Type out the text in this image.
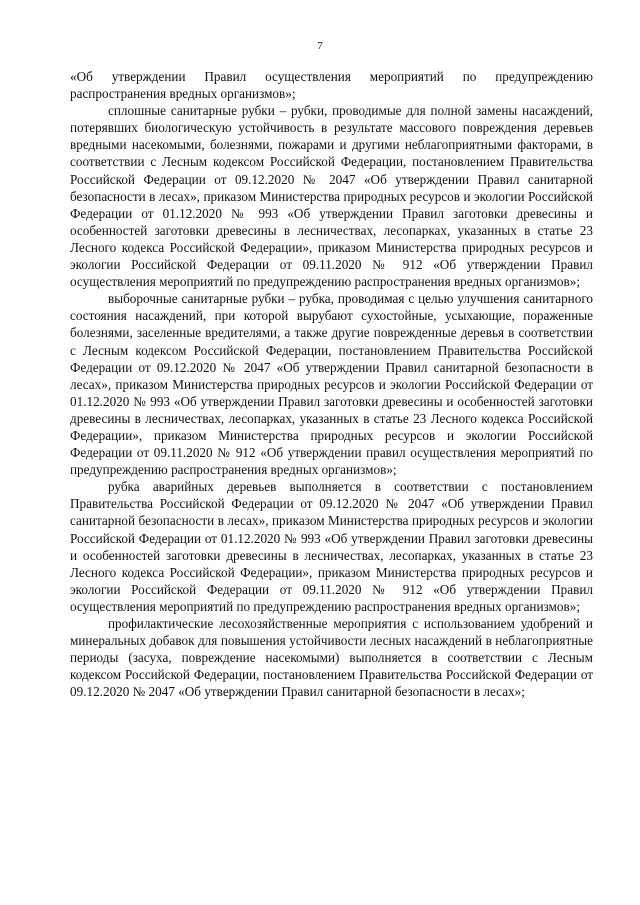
7

«Об утверждении Правил осуществления мероприятий по предупреждению распространения вредных организмов»;

сплошные санитарные рубки – рубки, проводимые для полной замены насаждений, потерявших биологическую устойчивость в результате массового повреждения деревьев вредными насекомыми, болезнями, пожарами и другими неблагоприятными факторами, в соответствии с Лесным кодексом Российской Федерации, постановлением Правительства Российской Федерации от 09.12.2020 № 2047 «Об утверждении Правил санитарной безопасности в лесах», приказом Министерства природных ресурсов и экологии Российской Федерации от 01.12.2020 № 993 «Об утверждении Правил заготовки древесины и особенностей заготовки древесины в лесничествах, лесопарках, указанных в статье 23 Лесного кодекса Российской Федерации», приказом Министерства природных ресурсов и экологии Российской Федерации от 09.11.2020 № 912 «Об утверждении Правил осуществления мероприятий по предупреждению распространения вредных организмов»;

выборочные санитарные рубки – рубка, проводимая с целью улучшения санитарного состояния насаждений, при которой вырубают сухостойные, усыхающие, пораженные болезнями, заселенные вредителями, а также другие поврежденные деревья в соответствии с Лесным кодексом Российской Федерации, постановлением Правительства Российской Федерации от 09.12.2020 № 2047 «Об утверждении Правил санитарной безопасности в лесах», приказом Министерства природных ресурсов и экологии Российской Федерации от 01.12.2020 № 993 «Об утверждении Правил заготовки древесины и особенностей заготовки древесины в лесничествах, лесопарках, указанных в статье 23 Лесного кодекса Российской Федерации», приказом Министерства природных ресурсов и экологии Российской Федерации от 09.11.2020 № 912 «Об утверждении правил осуществления мероприятий по предупреждению распространения вредных организмов»;

рубка аварийных деревьев выполняется в соответствии с постановлением Правительства Российской Федерации от 09.12.2020 № 2047 «Об утверждении Правил санитарной безопасности в лесах», приказом Министерства природных ресурсов и экологии Российской Федерации от 01.12.2020 № 993 «Об утверждении Правил заготовки древесины и особенностей заготовки древесины в лесничествах, лесопарках, указанных в статье 23 Лесного кодекса Российской Федерации», приказом Министерства природных ресурсов и экологии Российской Федерации от 09.11.2020 № 912 «Об утверждении Правил осуществления мероприятий по предупреждению распространения вредных организмов»;

профилактические лесохозяйственные мероприятия с использованием удобрений и минеральных добавок для повышения устойчивости лесных насаждений в неблагоприятные периоды (засуха, повреждение насекомыми) выполняется в соответствии с Лесным кодексом Российской Федерации, постановлением Правительства Российской Федерации от 09.12.2020 № 2047 «Об утверждении Правил санитарной безопасности в лесах»;
